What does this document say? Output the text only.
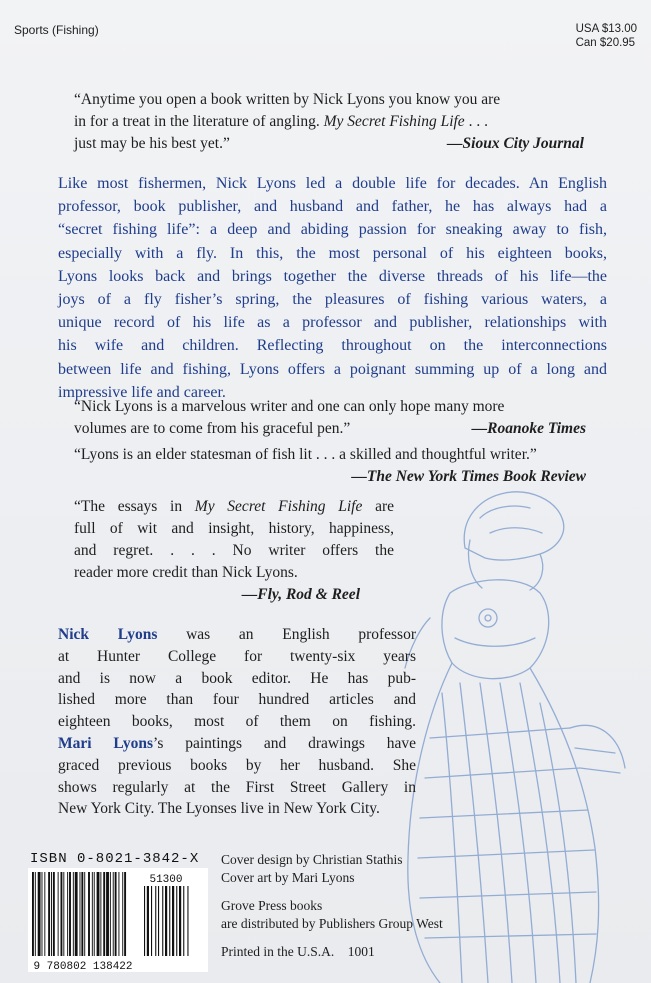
Sports (Fishing)	USA $13.00
Can $20.95
“Anytime you open a book written by Nick Lyons you know you are
in for a treat in the literature of angling. My Secret Fishing Life . . .
just may be his best yet.”	—Sioux City Journal
Like most fishermen, Nick Lyons led a double life for decades. An English
professor, book publisher, and husband and father, he has always had a
“secret fishing life”: a deep and abiding passion for sneaking away to fish,
especially with a fly. In this, the most personal of his eighteen books,
Lyons looks back and brings together the diverse threads of his life—the
joys of a fly fisher’s spring, the pleasures of fishing various waters, a
unique record of his life as a professor and publisher, relationships with
his wife and children. Reflecting throughout on the interconnections
between life and fishing, Lyons offers a poignant summing up of a long and
impressive life and career.
“Nick Lyons is a marvelous writer and one can only hope many more
volumes are to come from his graceful pen.”	—Roanoke Times
“Lyons is an elder statesman of fish lit . . . a skilled and thoughtful writer.”
—The New York Times Book Review
“The essays in My Secret Fishing Life are
full of wit and insight, history, happiness,
and regret. . . . No writer offers the
reader more credit than Nick Lyons.
—Fly, Rod & Reel
Nick Lyons was an English professor
at Hunter College for twenty-six years
and is now a book editor. He has pub-
lished more than four hundred articles and
eighteen books, most of them on fishing.
Mari Lyons’s paintings and drawings have
graced previous books by her husband. She
shows regularly at the First Street Gallery in
New York City. The Lyonses live in New York City.
ISBN 0-8021-3842-X
51300
9 780802 138422
Cover design by Christian Stathis
Cover art by Mari Lyons
Grove Press books
are distributed by Publishers Group West
Printed in the U.S.A. 1001
